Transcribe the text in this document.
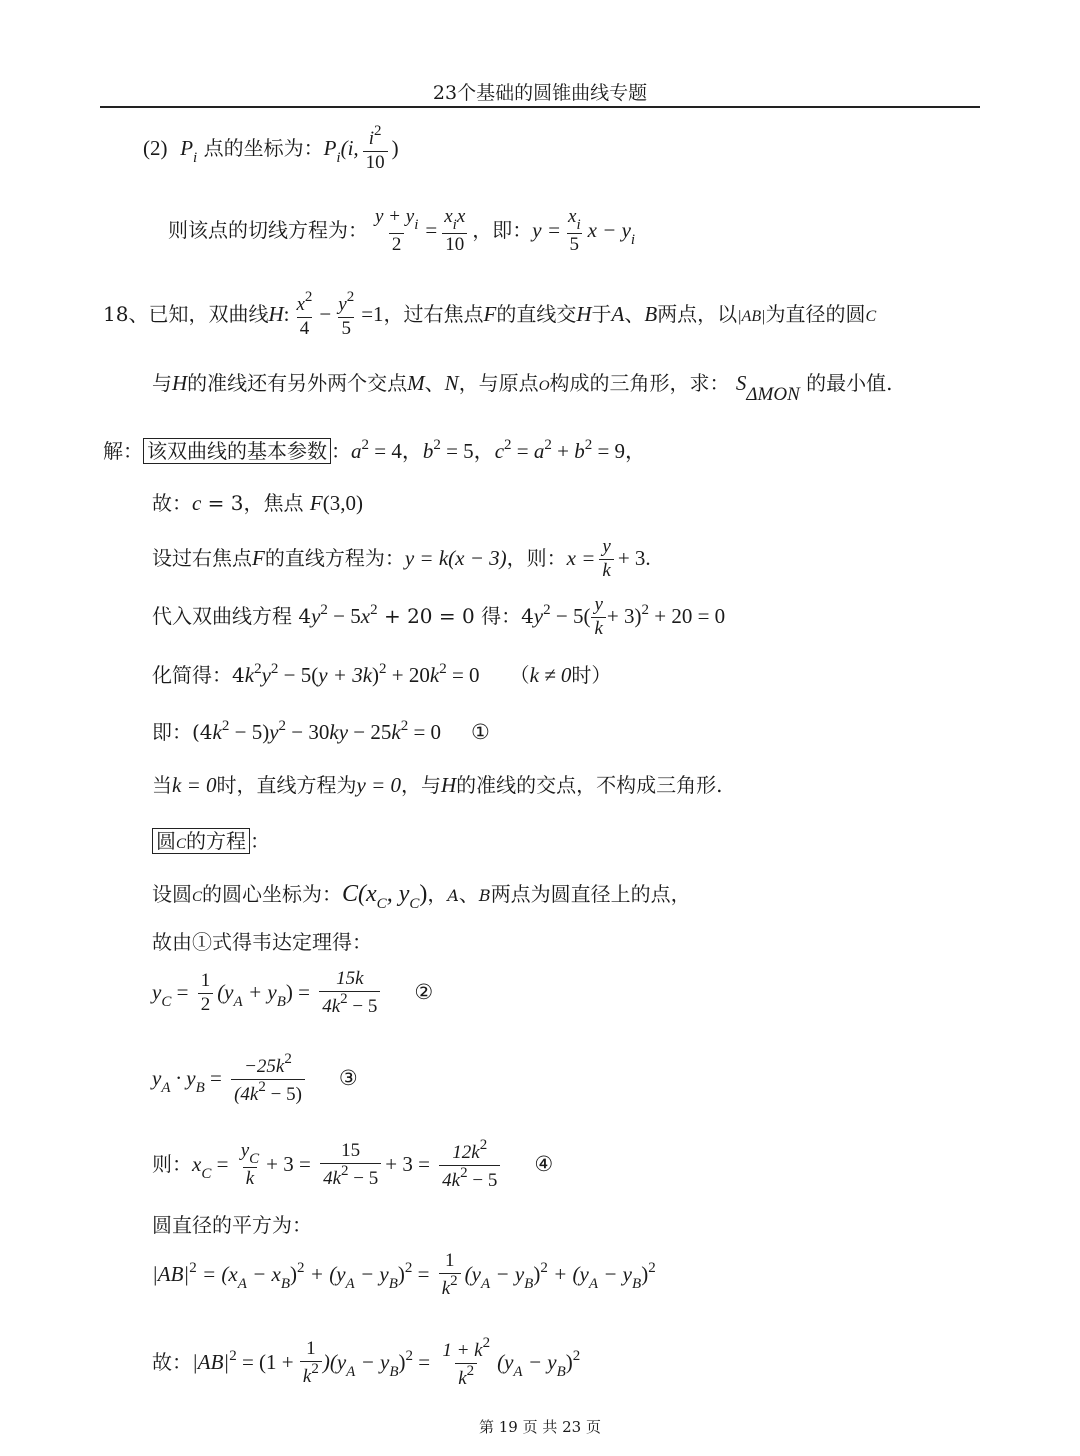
23个基础的圆锥曲线专题
(2) $P_i$ 点的坐标为：$P_i(i$, $\frac{i^2}{10}$ )
则该点的切线方程为： $\frac{y + y_i}{2}$ =
$x_ix$
10
，即：$y = \frac{x_i}{5}$ $x - y_i$
18、已知，双曲线H: $\frac{x^2}{4} - \frac{y^2}{5} =1$，过右焦点F的直线交H于A、B两点，以|AB|为直径的圆C
与H的准线还有另外两个交点M、N，与原点O构成的三角形，求： SΔMON 的最小值.
解： 该双曲线的基本参数 ：$a^2 = 4$，$b^2 = 5$，$c^2 = a^2 + b^2 = 9$，
故：c = 3，焦点 F(3,0)
设过右焦点F的直线方程为：y = k(x − 3)，则：$x = \frac{y}{k} + 3$.
代入双曲线方程 $4y^2 - 5x^2 + 20 = 0$ 得：$4y^2 - 5( \frac{y}{k} + 3)^2 + 20 = 0$
化简得：$4k^2y^2 - 5(y + 3k)^2 + 20k^2 = 0$ （k ≠ 0时）
即：$(4k^2 - 5)y^2 - 30ky - 25k^2 = 0$ ①
当k = 0时，直线方程为y = 0，与H的准线的交点，不构成三角形.
圆C的方程 ：
设圆C的圆心坐标为：$C(x_C$, $y_C$)，A、B两点为圆直径上的点，
故由①式得韦达定理得：
$y_C = \frac{1}{2} (y_A + y_B) = \frac{15k}{4k^2 - 5}$ ②
$y_A \cdot y_B = \frac{-25k^2}{(4k^2 - 5)}$ ③
则：$x_C = \frac{y_C}{k} + 3 = \frac{15}{4k^2 - 5} + 3 = \frac{12k^2}{4k^2 - 5}$ ④
圆直径的平方为：
$|AB|^2 = (x_A - x_B)^2 + (y_A - y_B)^2 = \frac{1}{k^2} (y_A - y_B)^2 + (y_A - y_B)^2$
故：$|AB|^2 = (1 + \frac{1}{k^2} )(y_A - y_B)^2 = \frac{1 + k^2}{k^2} (y_A - y_B)^2$
第 19 页 共 23 页
